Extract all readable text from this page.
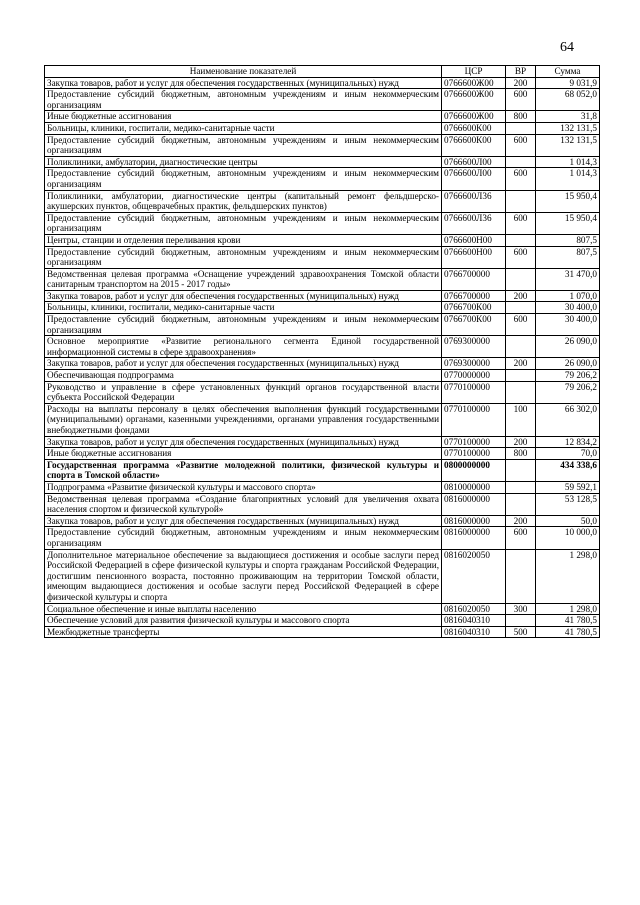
64
Наименование показателей	ЦСР	ВР	Сумма
Закупка товаров, работ и услуг для обеспечения государственных (муниципальных) нужд	0766600Ж00	200	9 031,9
Предоставление субсидий бюджетным, автономным учреждениям и иным некоммерческим организациям	0766600Ж00	600	68 052,0
Иные бюджетные ассигнования	0766600Ж00	800	31,8
Больницы, клиники, госпитали, медико-санитарные части	0766600К00		132 131,5
Предоставление субсидий бюджетным, автономным учреждениям и иным некоммерческим организациям	0766600К00	600	132 131,5
Поликлиники, амбулатории, диагностические центры	0766600Л00		1 014,3
Предоставление субсидий бюджетным, автономным учреждениям и иным некоммерческим организациям	0766600Л00	600	1 014,3
Поликлиники, амбулатории, диагностические центры (капитальный ремонт фельдшерско-акушерских пунктов, общеврачебных практик, фельдшерских пунктов)	0766600Л36		15 950,4
Предоставление субсидий бюджетным, автономным учреждениям и иным некоммерческим организациям	0766600Л36	600	15 950,4
Центры, станции и отделения переливания крови	0766600Н00		807,5
Предоставление субсидий бюджетным, автономным учреждениям и иным некоммерческим организациям	0766600Н00	600	807,5
Ведомственная целевая программа «Оснащение учреждений здравоохранения Томской области санитарным транспортом на 2015 - 2017 годы»	0766700000		31 470,0
Закупка товаров, работ и услуг для обеспечения государственных (муниципальных) нужд	0766700000	200	1 070,0
Больницы, клиники, госпитали, медико-санитарные части	0766700К00		30 400,0
Предоставление субсидий бюджетным, автономным учреждениям и иным некоммерческим организациям	0766700К00	600	30 400,0
Основное мероприятие «Развитие регионального сегмента Единой государственной информационной системы в сфере здравоохранения»	0769300000		26 090,0
Закупка товаров, работ и услуг для обеспечения государственных (муниципальных) нужд	0769300000	200	26 090,0
Обеспечивающая подпрограмма	0770000000		79 206,2
Руководство и управление в сфере установленных функций органов государственной власти субъекта Российской Федерации	0770100000		79 206,2
Расходы на выплаты персоналу в целях обеспечения выполнения функций государственными (муниципальными) органами, казенными учреждениями, органами управления государственными внебюджетными фондами	0770100000	100	66 302,0
Закупка товаров, работ и услуг для обеспечения государственных (муниципальных) нужд	0770100000	200	12 834,2
Иные бюджетные ассигнования	0770100000	800	70,0
Государственная программа «Развитие молодежной политики, физической культуры и спорта в Томской области»	0800000000		434 338,6
Подпрограмма «Развитие физической культуры и массового спорта»	0810000000		59 592,1
Ведомственная целевая программа «Создание благоприятных условий для увеличения охвата населения спортом и физической культурой»	0816000000		53 128,5
Закупка товаров, работ и услуг для обеспечения государственных (муниципальных) нужд	0816000000	200	50,0
Предоставление субсидий бюджетным, автономным учреждениям и иным некоммерческим организациям	0816000000	600	10 000,0
Дополнительное материальное обеспечение за выдающиеся достижения и особые заслуги перед Российской Федерацией в сфере физической культуры и спорта гражданам Российской Федерации, достигшим пенсионного возраста, постоянно проживающим на территории Томской области, имеющим выдающиеся достижения и особые заслуги перед Российской Федерацией в сфере физической культуры и спорта	0816020050		1 298,0
Социальное обеспечение и иные выплаты населению	0816020050	300	1 298,0
Обеспечение условий для развития физической культуры и массового спорта	0816040310		41 780,5
Межбюджетные трансферты	0816040310	500	41 780,5
